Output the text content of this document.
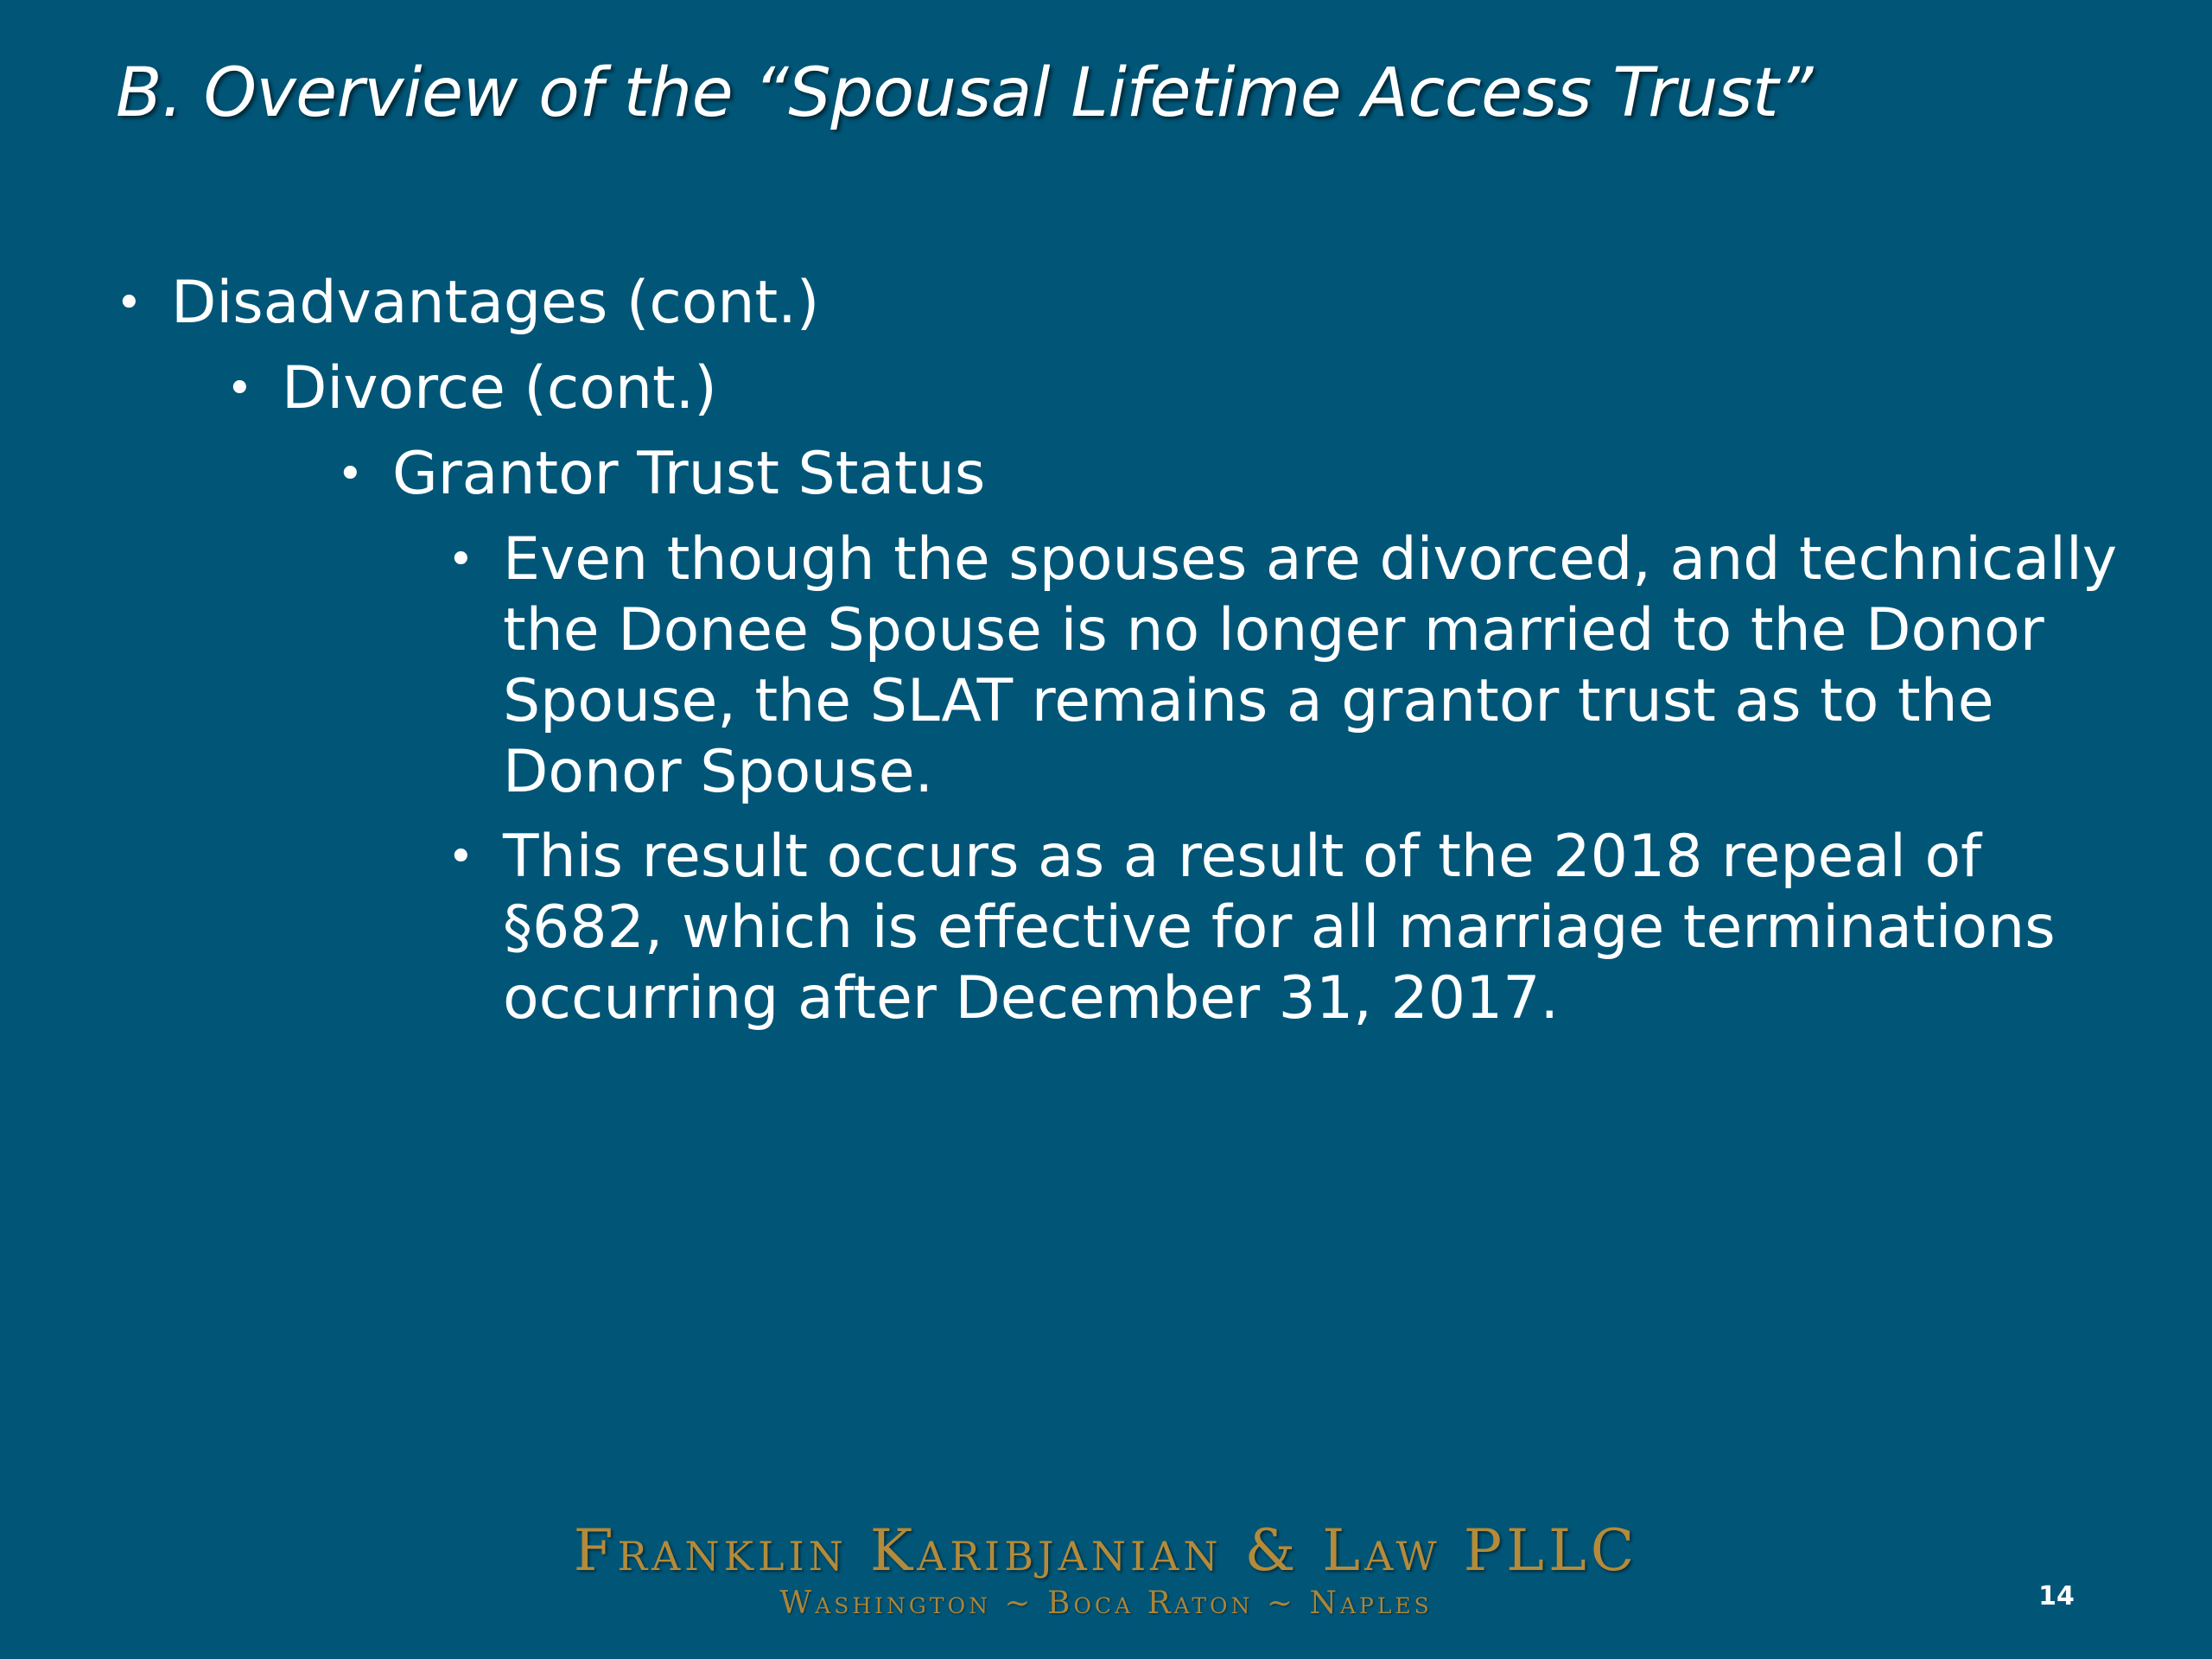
B. Overview of the “Spousal Lifetime Access Trust”
• Disadvantages (cont.)
• Divorce (cont.)
• Grantor Trust Status
• Even though the spouses are divorced, and technically the Donee Spouse is no longer married to the Donor Spouse, the SLAT remains a grantor trust as to the Donor Spouse.
• This result occurs as a result of the 2018 repeal of §682, which is effective for all marriage terminations occurring after December 31, 2017.
Franklin Karibjanian & Law PLLC
Washington ~ Boca Raton ~ Naples	14
